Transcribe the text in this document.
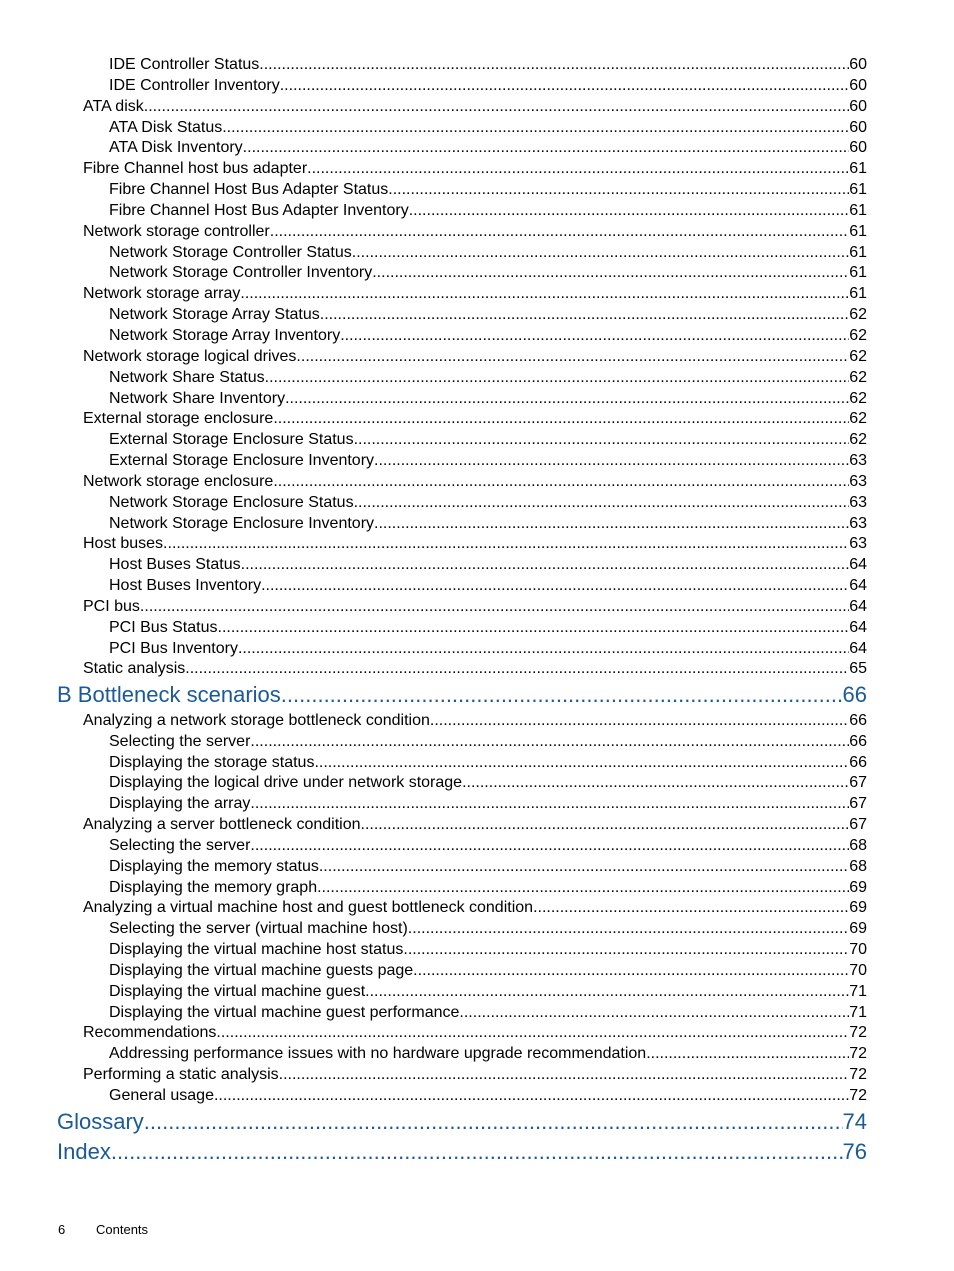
IDE Controller Status .....	60
IDE Controller Inventory .....	60
ATA disk .....	60
ATA Disk Status .....	60
ATA Disk Inventory .....	60
Fibre Channel host bus adapter .....	61
Fibre Channel Host Bus Adapter Status .....	61
Fibre Channel Host Bus Adapter Inventory .....	61
Network storage controller .....	61
Network Storage Controller Status .....	61
Network Storage Controller Inventory .....	61
Network storage array .....	61
Network Storage Array Status .....	62
Network Storage Array Inventory .....	62
Network storage logical drives .....	62
Network Share Status .....	62
Network Share Inventory .....	62
External storage enclosure .....	62
External Storage Enclosure Status .....	62
External Storage Enclosure Inventory .....	63
Network storage enclosure .....	63
Network Storage Enclosure Status .....	63
Network Storage Enclosure Inventory .....	63
Host buses .....	63
Host Buses Status .....	64
Host Buses Inventory .....	64
PCI bus .....	64
PCI Bus Status .....	64
PCI Bus Inventory .....	64
Static analysis .....	65
B Bottleneck scenarios .....	66
Analyzing a network storage bottleneck condition .....	66
Selecting the server .....	66
Displaying the storage status .....	66
Displaying the logical drive under network storage .....	67
Displaying the array .....	67
Analyzing a server bottleneck condition .....	67
Selecting the server .....	68
Displaying the memory status .....	68
Displaying the memory graph .....	69
Analyzing a virtual machine host and guest bottleneck condition .....	69
Selecting the server (virtual machine host) .....	69
Displaying the virtual machine host status .....	70
Displaying the virtual machine guests page .....	70
Displaying the virtual machine guest .....	71
Displaying the virtual machine guest performance .....	71
Recommendations .....	72
Addressing performance issues with no hardware upgrade recommendation .....	72
Performing a static analysis .....	72
General usage .....	72
Glossary .....	74
Index .....	76
6	Contents
